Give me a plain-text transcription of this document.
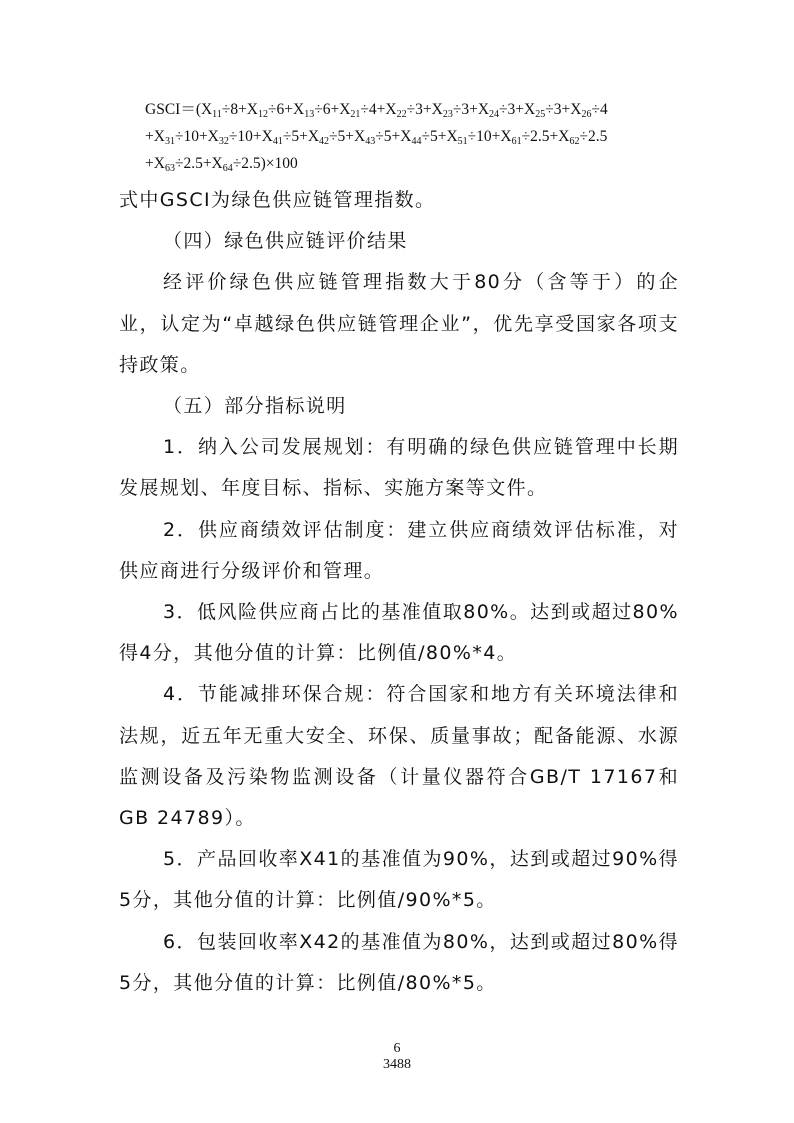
$GSCI=(X_{11}\div 8+X_{12}\div 6+X_{13}\div 6+X_{21}\div 4+X_{22}\div 3+X_{23}\div 3+X_{24}\div 3+X_{25}\div 3+X_{26}\div 4$
$+X_{31}\div 10+X_{32}\div 10+X_{41}\div 5+X_{42}\div 5+X_{43}\div 5+X_{44}\div 5+X_{51}\div 10+X_{61}\div 2.5+X_{62}\div 2.5$
$+X_{63}\div 2.5+X_{64}\div 2.5)\times 100$

式中GSCI为绿色供应链管理指数。

（四）绿色供应链评价结果

经评价绿色供应链管理指数大于80分（含等于）的企业，认定为“卓越绿色供应链管理企业”，优先享受国家各项支持政策。

（五）部分指标说明

1．纳入公司发展规划：有明确的绿色供应链管理中长期发展规划、年度目标、指标、实施方案等文件。

2．供应商绩效评估制度：建立供应商绩效评估标准，对供应商进行分级评价和管理。

3．低风险供应商占比的基准值取80%。达到或超过80%得4分，其他分值的计算：比例值/80%*4。

4．节能减排环保合规：符合国家和地方有关环境法律和法规，近五年无重大安全、环保、质量事故；配备能源、水源监测设备及污染物监测设备（计量仪器符合GB/T 17167和GB 24789）。

5．产品回收率X41的基准值为90%，达到或超过90%得5分，其他分值的计算：比例值/90%*5。

6．包装回收率X42的基准值为80%，达到或超过80%得5分，其他分值的计算：比例值/80%*5。

6
3488
